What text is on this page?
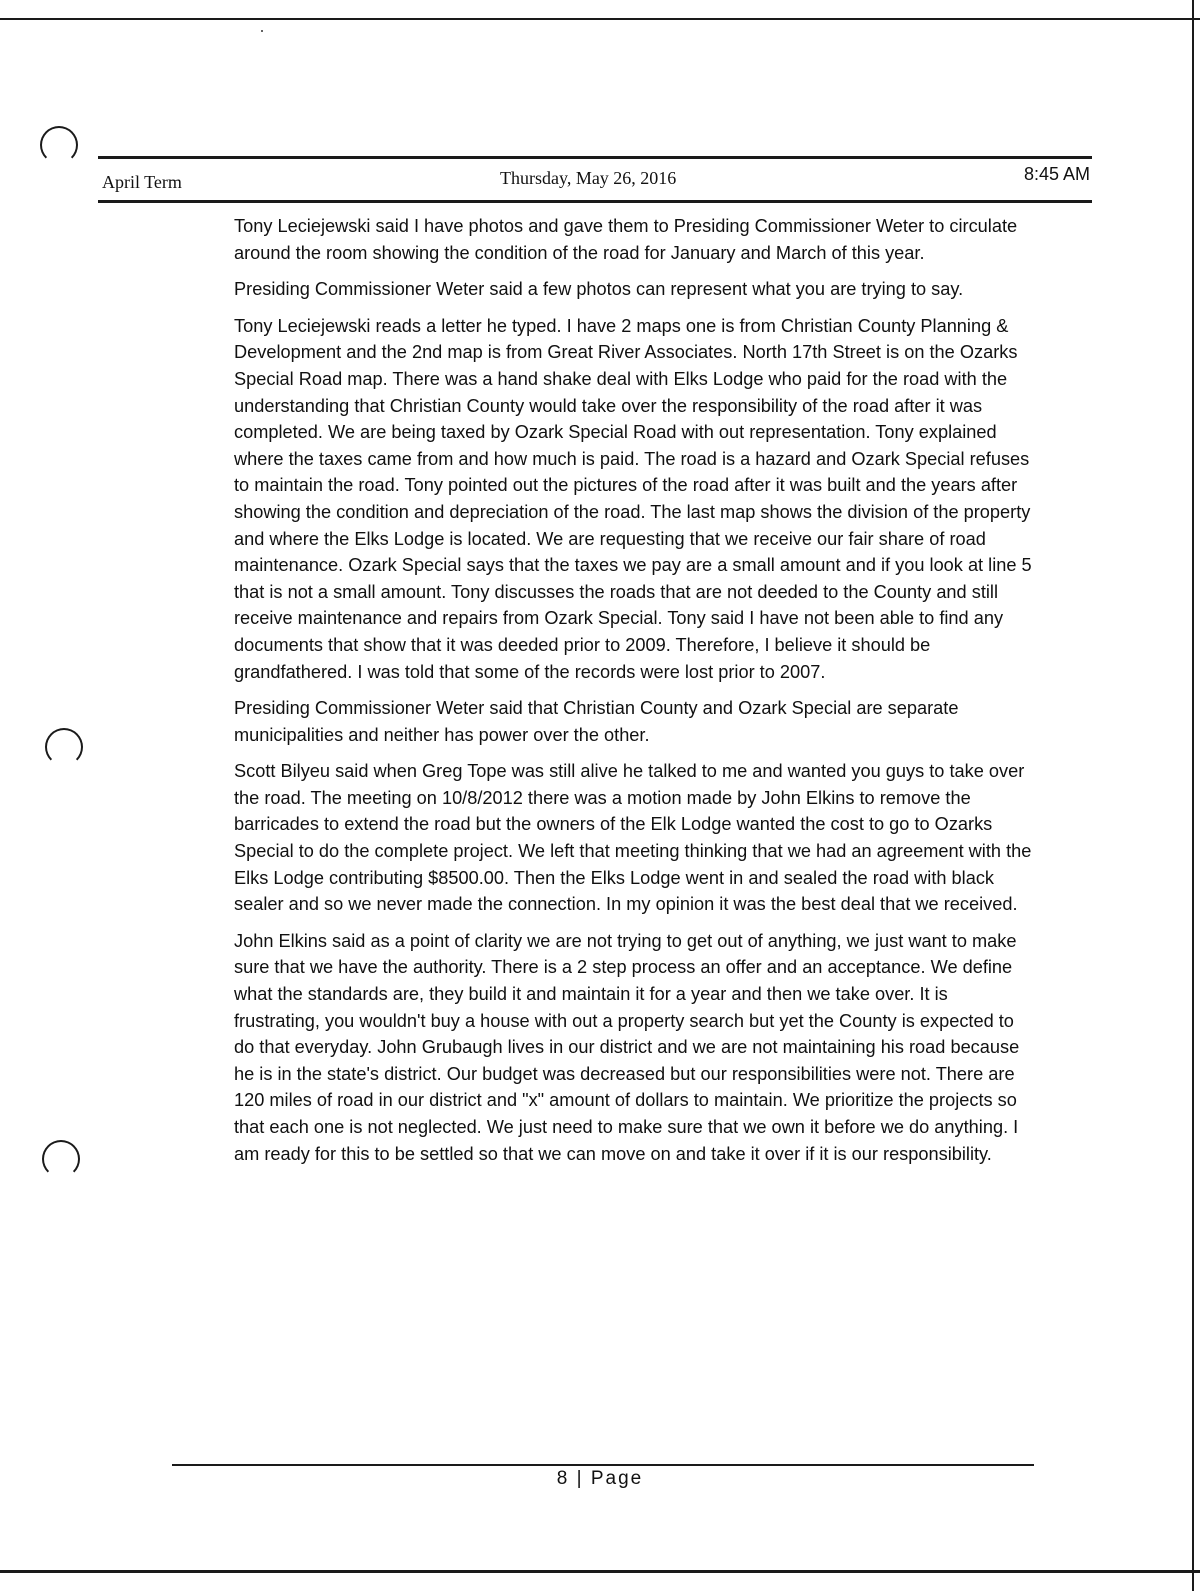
April Term	Thursday, May 26, 2016	8:45 AM

Tony Leciejewski said I have photos and gave them to Presiding Commissioner Weter to circulate around the room showing the condition of the road for January and March of this year.

Presiding Commissioner Weter said a few photos can represent what you are trying to say.

Tony Leciejewski reads a letter he typed. I have 2 maps one is from Christian County Planning & Development and the 2nd map is from Great River Associates. North 17th Street is on the Ozarks Special Road map. There was a hand shake deal with Elks Lodge who paid for the road with the understanding that Christian County would take over the responsibility of the road after it was completed. We are being taxed by Ozark Special Road with out representation. Tony explained where the taxes came from and how much is paid. The road is a hazard and Ozark Special refuses to maintain the road. Tony pointed out the pictures of the road after it was built and the years after showing the condition and depreciation of the road. The last map shows the division of the property and where the Elks Lodge is located. We are requesting that we receive our fair share of road maintenance. Ozark Special says that the taxes we pay are a small amount and if you look at line 5 that is not a small amount. Tony discusses the roads that are not deeded to the County and still receive maintenance and repairs from Ozark Special. Tony said I have not been able to find any documents that show that it was deeded prior to 2009. Therefore, I believe it should be grandfathered. I was told that some of the records were lost prior to 2007.

Presiding Commissioner Weter said that Christian County and Ozark Special are separate municipalities and neither has power over the other.

Scott Bilyeu said when Greg Tope was still alive he talked to me and wanted you guys to take over the road. The meeting on 10/8/2012 there was a motion made by John Elkins to remove the barricades to extend the road but the owners of the Elk Lodge wanted the cost to go to Ozarks Special to do the complete project. We left that meeting thinking that we had an agreement with the Elks Lodge contributing $8500.00. Then the Elks Lodge went in and sealed the road with black sealer and so we never made the connection. In my opinion it was the best deal that we received.

John Elkins said as a point of clarity we are not trying to get out of anything, we just want to make sure that we have the authority. There is a 2 step process an offer and an acceptance. We define what the standards are, they build it and maintain it for a year and then we take over. It is frustrating, you wouldn't buy a house with out a property search but yet the County is expected to do that everyday. John Grubaugh lives in our district and we are not maintaining his road because he is in the state's district. Our budget was decreased but our responsibilities were not. There are 120 miles of road in our district and "x" amount of dollars to maintain. We prioritize the projects so that each one is not neglected. We just need to make sure that we own it before we do anything. I am ready for this to be settled so that we can move on and take it over if it is our responsibility.

8 | Page
